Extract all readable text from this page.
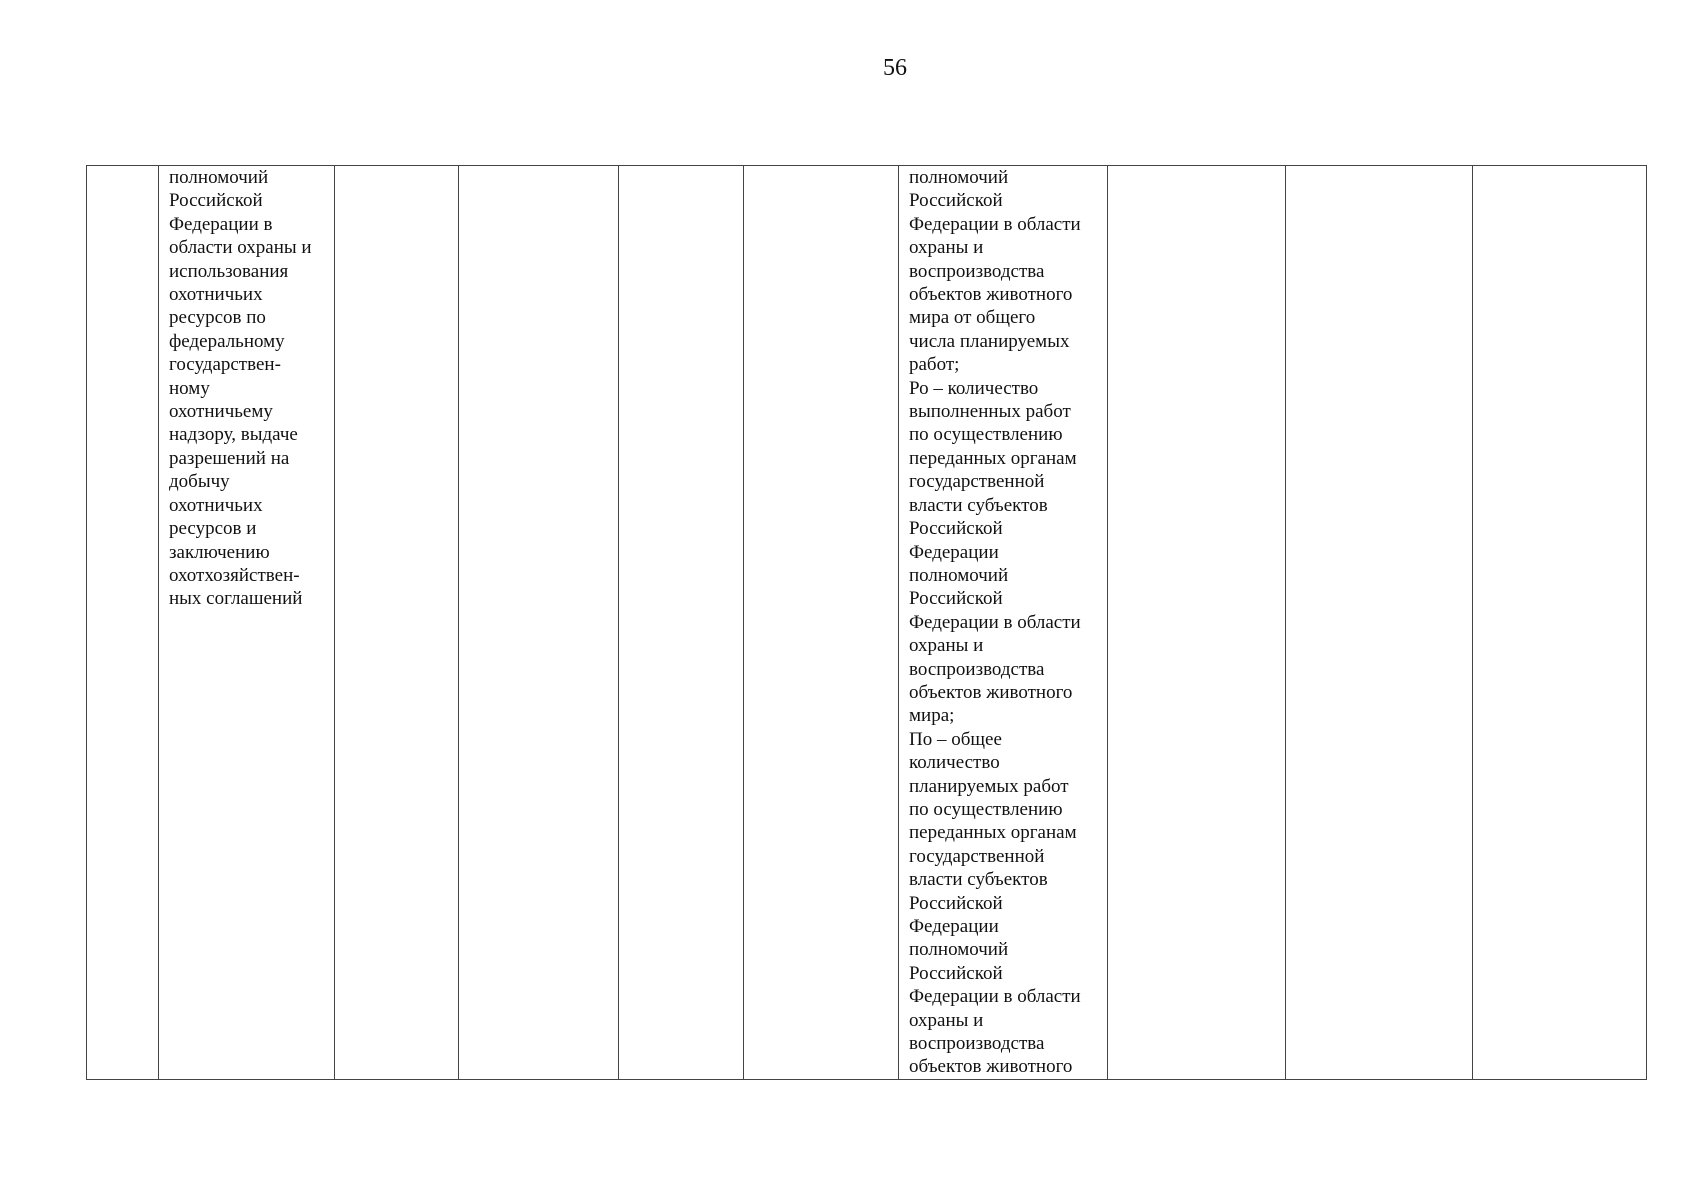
56

полномочий
Российской
Федерации в
области охраны и
использования
охотничьих
ресурсов по
федеральному
государствен-
ному
охотничьему
надзору, выдаче
разрешений на
добычу
охотничьих
ресурсов и
заключению
охотхозяйствен-
ных соглашений

полномочий
Российской
Федерации в области
охраны и
воспроизводства
объектов животного
мира от общего
числа планируемых
работ;
Ро – количество
выполненных работ
по осуществлению
переданных органам
государственной
власти субъектов
Российской
Федерации
полномочий
Российской
Федерации в области
охраны и
воспроизводства
объектов животного
мира;
По – общее
количество
планируемых работ
по осуществлению
переданных органам
государственной
власти субъектов
Российской
Федерации
полномочий
Российской
Федерации в области
охраны и
воспроизводства
объектов животного
